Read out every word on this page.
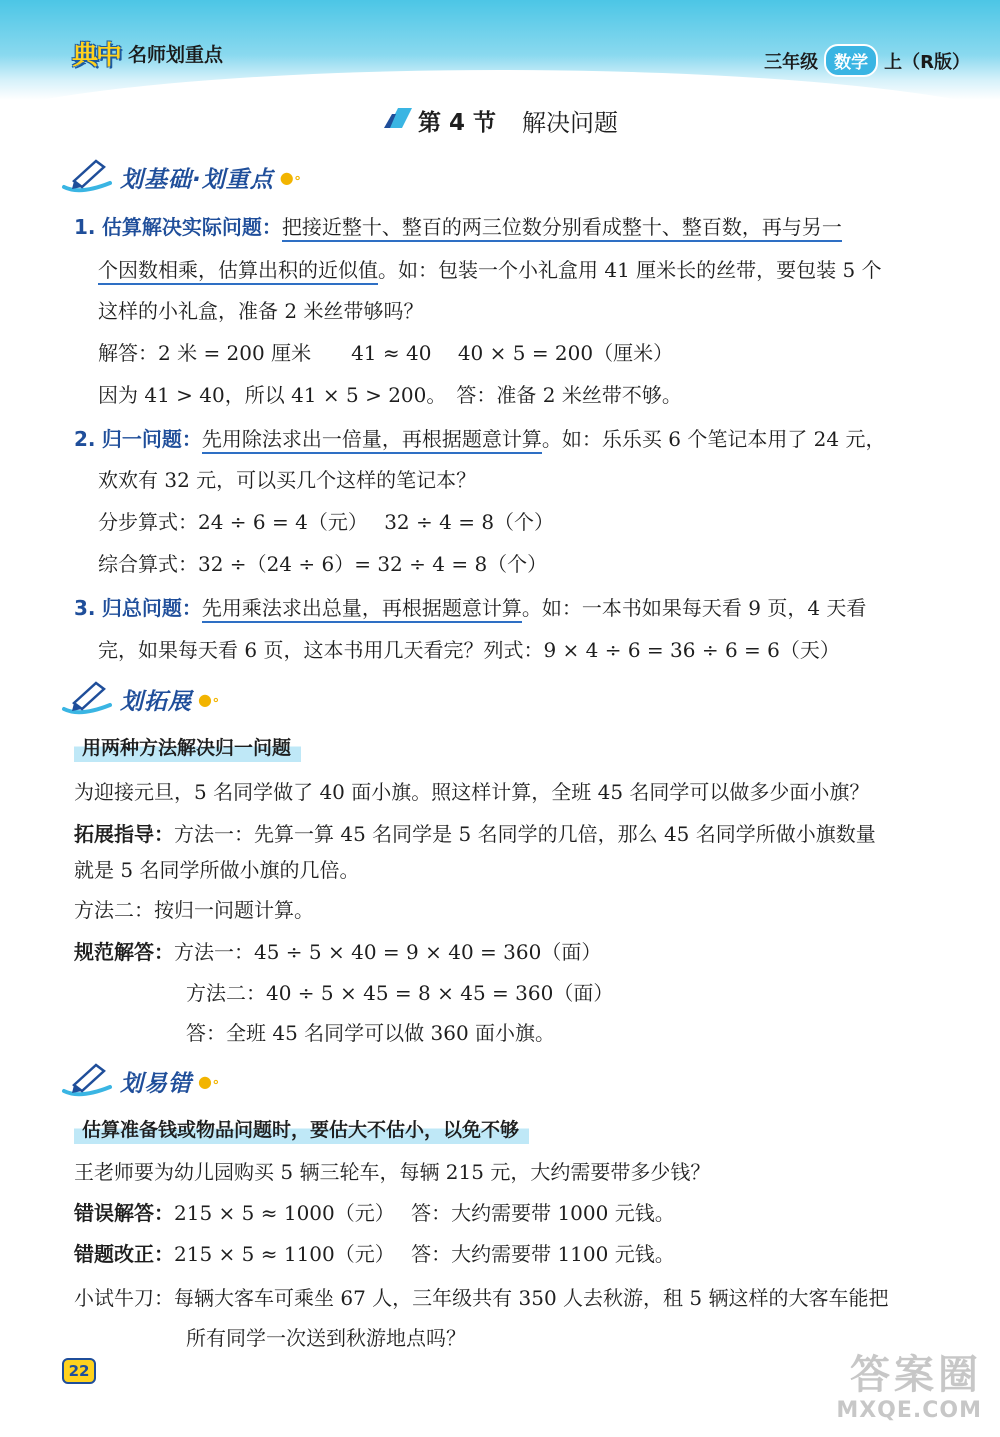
典中 名师划重点	三年级 数学 上（R版）
第 4 节 解决问题
划基础·划重点 ●∘
1. 估算解决实际问题：把接近整十、整百的两三位数分别看成整十、整百数，再与另一
个因数相乘，估算出积的近似值。如：包装一个小礼盒用 41 厘米长的丝带，要包装 5 个
这样的小礼盒，准备 2 米丝带够吗？
解答：2 米 = 200 厘米　　41 ≈ 40　 40 × 5 = 200（厘米）
因为 41 > 40，所以 41 × 5 > 200。　答：准备 2 米丝带不够。
2. 归一问题：先用除法求出一倍量，再根据题意计算。如：乐乐买 6 个笔记本用了 24 元，
欢欢有 32 元，可以买几个这样的笔记本？
分步算式：24 ÷ 6 = 4（元）　 32 ÷ 4 = 8（个）
综合算式：32 ÷（24 ÷ 6）= 32 ÷ 4 = 8（个）
3. 归总问题：先用乘法求出总量，再根据题意计算。如：一本书如果每天看 9 页，4 天看
完，如果每天看 6 页，这本书用几天看完？列式：9 × 4 ÷ 6 = 36 ÷ 6 = 6（天）
划拓展 ●∘
用两种方法解决归一问题
为迎接元旦，5 名同学做了 40 面小旗。照这样计算，全班 45 名同学可以做多少面小旗？
拓展指导：方法一：先算一算 45 名同学是 5 名同学的几倍，那么 45 名同学所做小旗数量
就是 5 名同学所做小旗的几倍。
方法二：按归一问题计算。
规范解答：方法一：45 ÷ 5 × 40 = 9 × 40 = 360（面）
方法二：40 ÷ 5 × 45 = 8 × 45 = 360（面）
答：全班 45 名同学可以做 360 面小旗。
划易错 ●∘
估算准备钱或物品问题时，要估大不估小，以免不够
王老师要为幼儿园购买 5 辆三轮车，每辆 215 元，大约需要带多少钱？
错误解答：215 × 5 ≈ 1000（元）　 答：大约需要带 1000 元钱。
错题改正：215 × 5 ≈ 1100（元）　 答：大约需要带 1100 元钱。
小试牛刀：每辆大客车可乘坐 67 人，三年级共有 350 人去秋游，租 5 辆这样的大客车能把
所有同学一次送到秋游地点吗？
22	答案圈
MXQE.COM
